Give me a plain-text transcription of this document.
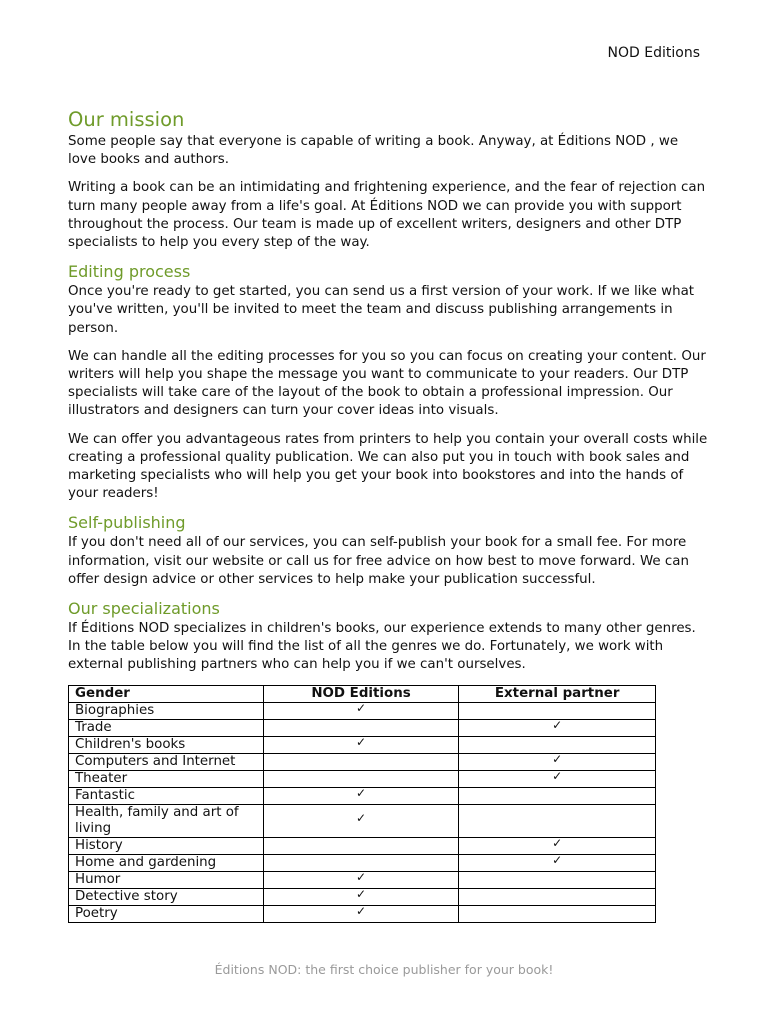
NOD Editions
Our mission

Some people say that everyone is capable of writing a book. Anyway, at Éditions NOD , we love books and authors.

Writing a book can be an intimidating and frightening experience, and the fear of rejection can turn many people away from a life's goal. At Éditions NOD we can provide you with support throughout the process. Our team is made up of excellent writers, designers and other DTP specialists to help you every step of the way.

Editing process

Once you're ready to get started, you can send us a first version of your work. If we like what you've written, you'll be invited to meet the team and discuss publishing arrangements in person.

We can handle all the editing processes for you so you can focus on creating your content. Our writers will help you shape the message you want to communicate to your readers. Our DTP specialists will take care of the layout of the book to obtain a professional impression. Our illustrators and designers can turn your cover ideas into visuals.

We can offer you advantageous rates from printers to help you contain your overall costs while creating a professional quality publication. We can also put you in touch with book sales and marketing specialists who will help you get your book into bookstores and into the hands of your readers!

Self-publishing

If you don't need all of our services, you can self-publish your book for a small fee. For more information, visit our website or call us for free advice on how best to move forward. We can offer design advice or other services to help make your publication successful.

Our specializations

If Éditions NOD specializes in children's books, our experience extends to many other genres. In the table below you will find the list of all the genres we do. Fortunately, we work with external publishing partners who can help you if we can't ourselves.

Gender	NOD Editions	External partner
Biographies	✓	
Trade		✓
Children's books	✓	
Computers and Internet		✓
Theater		✓
Fantastic	✓	
Health, family and art of living	✓	
History		✓
Home and gardening		✓
Humor	✓	
Detective story	✓	
Poetry	✓	
Éditions NOD: the first choice publisher for your book!
